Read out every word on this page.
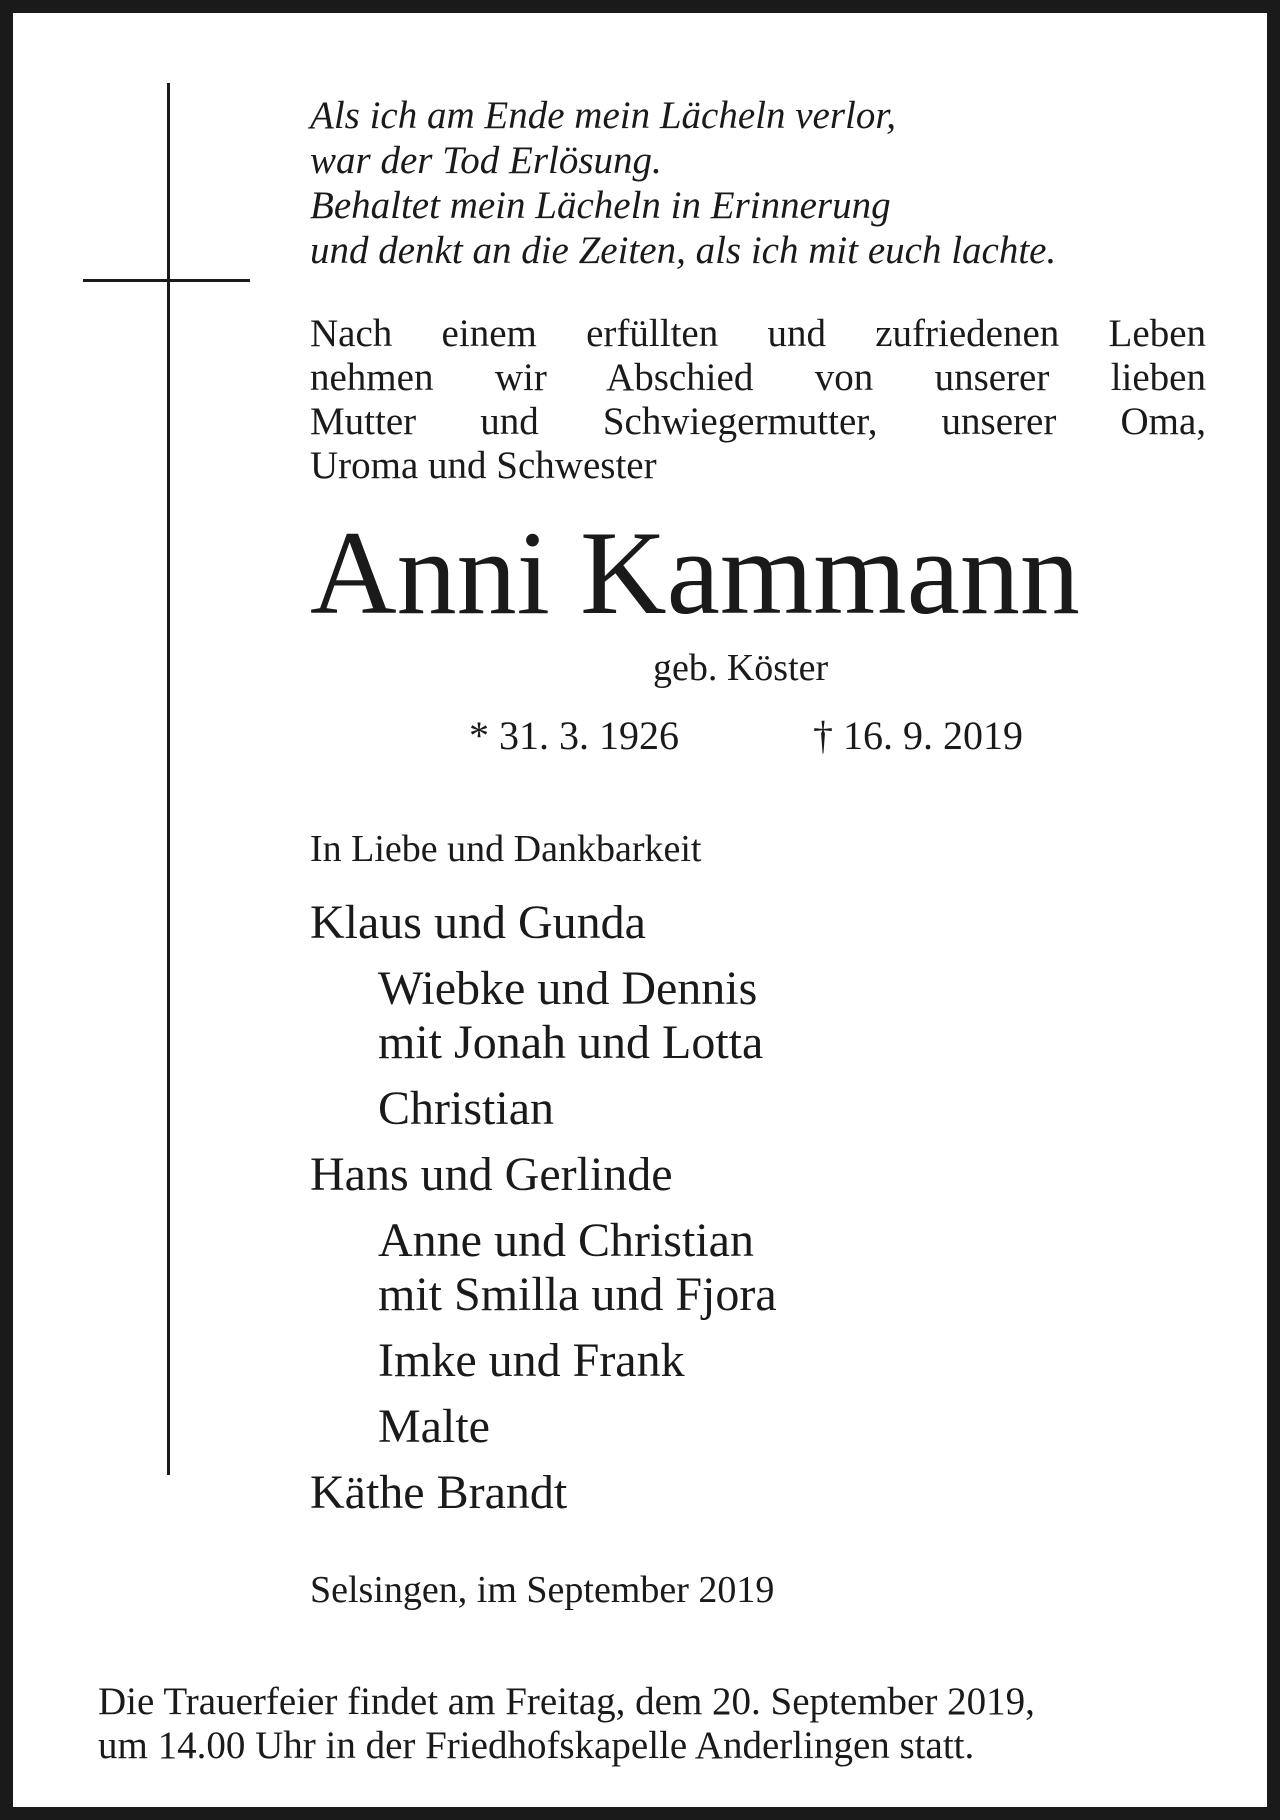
Als ich am Ende mein Lächeln verlor,
war der Tod Erlösung.
Behaltet mein Lächeln in Erinnerung
und denkt an die Zeiten, als ich mit euch lachte.
Nach einem erfüllten und zufriedenen Leben
nehmen wir Abschied von unserer lieben
Mutter und Schwiegermutter, unserer Oma,
Uroma und Schwester
Anni Kammann
geb. Köster
* 31. 3. 1926	† 16. 9. 2019
In Liebe und Dankbarkeit
Klaus und Gunda
Wiebke und Dennis
mit Jonah und Lotta
Christian
Hans und Gerlinde
Anne und Christian
mit Smilla und Fjora
Imke und Frank
Malte
Käthe Brandt
Selsingen, im September 2019
Die Trauerfeier findet am Freitag, dem 20. September 2019,
um 14.00 Uhr in der Friedhofskapelle Anderlingen statt.
